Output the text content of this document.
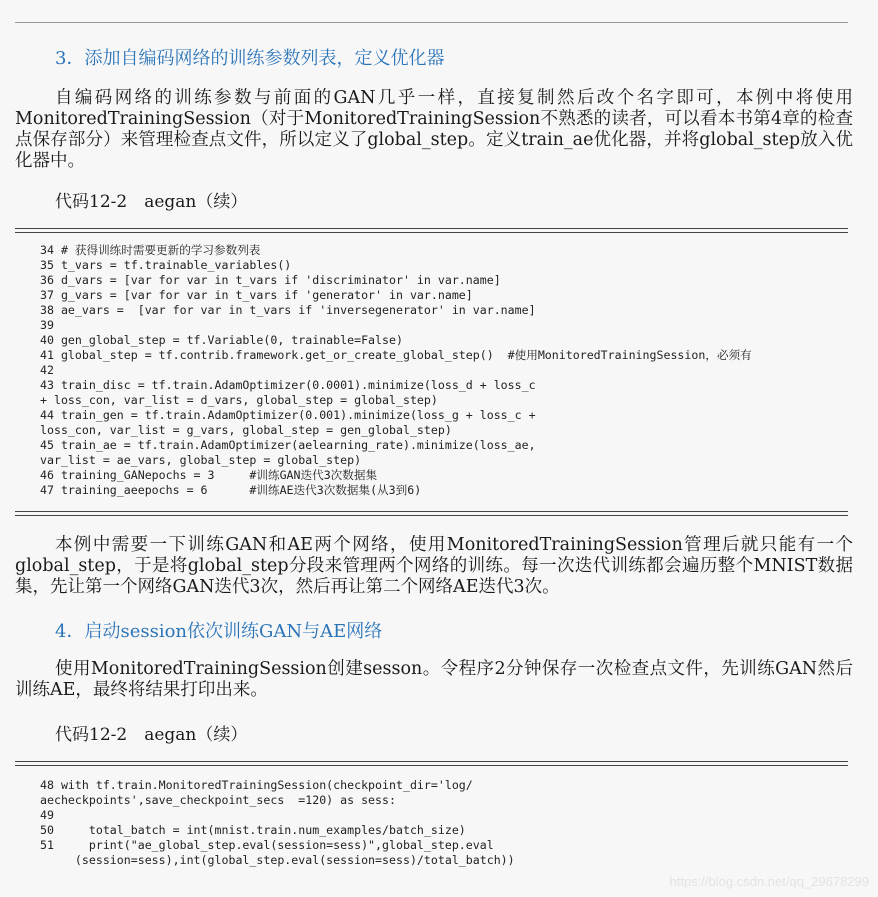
3．添加自编码网络的训练参数列表，定义优化器
自编码网络的训练参数与前面的GAN几乎一样，直接复制然后改个名字即可，本例中将使用MonitoredTrainingSession（对于MonitoredTrainingSession不熟悉的读者，可以看本书第4章的检查点保存部分）来管理检查点文件，所以定义了global_step。定义train_ae优化器，并将global_step放入优化器中。
代码12-2　aegan（续）
34 # 获得训练时需要更新的学习参数列表
35 t_vars = tf.trainable_variables()
36 d_vars = [var for var in t_vars if 'discriminator' in var.name]
37 g_vars = [var for var in t_vars if 'generator' in var.name]
38 ae_vars =  [var for var in t_vars if 'inversegenerator' in var.name]
39
40 gen_global_step = tf.Variable(0, trainable=False)
41 global_step = tf.contrib.framework.get_or_create_global_step()  #使用MonitoredTrainingSession，必须有
42
43 train_disc = tf.train.AdamOptimizer(0.0001).minimize(loss_d + loss_c
+ loss_con, var_list = d_vars, global_step = global_step)
44 train_gen = tf.train.AdamOptimizer(0.001).minimize(loss_g + loss_c +
loss_con, var_list = g_vars, global_step = gen_global_step)
45 train_ae = tf.train.AdamOptimizer(aelearning_rate).minimize(loss_ae,
var_list = ae_vars, global_step = global_step)
46 training_GANepochs = 3     #训练GAN迭代3次数据集
47 training_aeepochs = 6      #训练AE迭代3次数据集(从3到6)
本例中需要一下训练GAN和AE两个网络，使用MonitoredTrainingSession管理后就只能有一个global_step，于是将global_step分段来管理两个网络的训练。每一次迭代训练都会遍历整个MNIST数据集，先让第一个网络GAN迭代3次，然后再让第二个网络AE迭代3次。
4．启动session依次训练GAN与AE网络
使用MonitoredTrainingSession创建sesson。令程序2分钟保存一次检查点文件，先训练GAN然后训练AE，最终将结果打印出来。
代码12-2　aegan（续）
48 with tf.train.MonitoredTrainingSession(checkpoint_dir='log/
aecheckpoints',save_checkpoint_secs  =120) as sess:
49
50     total_batch = int(mnist.train.num_examples/batch_size)
51     print("ae_global_step.eval(session=sess)",global_step.eval
(session=sess),int(global_step.eval(session=sess)/total_batch))
https://blog.csdn.net/qq_29678299
